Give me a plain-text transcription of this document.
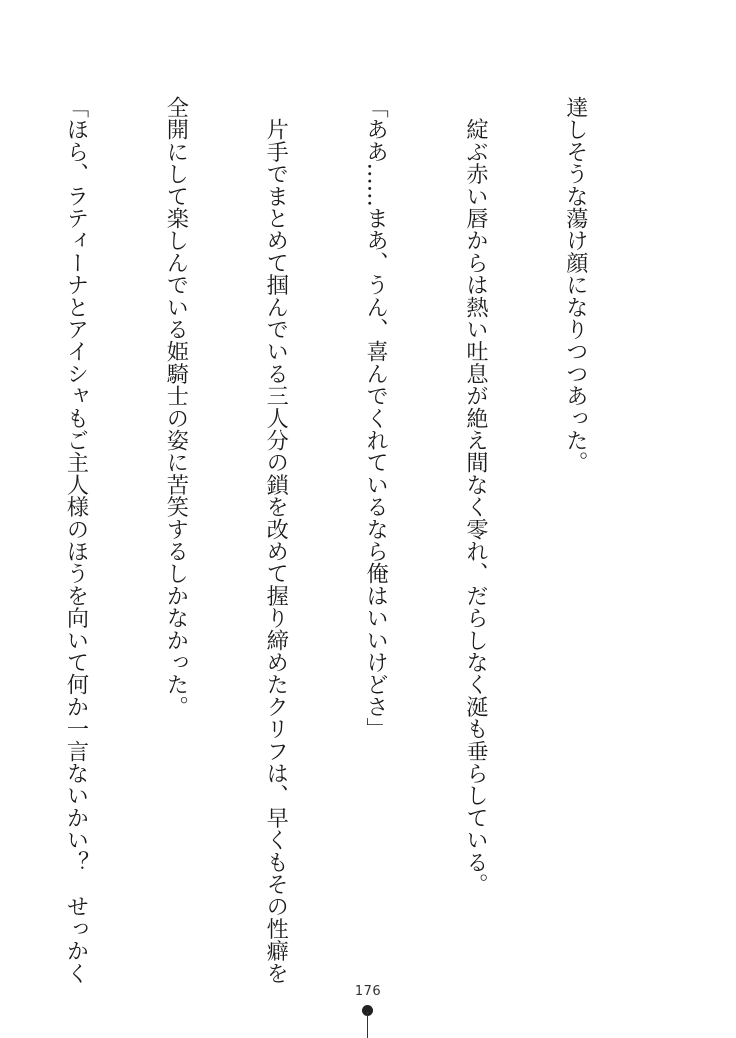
達しそうな蕩け顔になりつつあった。

　綻ぶ赤い唇からは熱い吐息が絶え間なく零れ、だらしなく涎も垂らしている。

「ああ……まあ、うん、喜んでくれているなら俺はいいけどさ」

　片手でまとめて掴んでいる三人分の鎖を改めて握り締めたクリフは、早くもその性癖を

全開にして楽しんでいる姫騎士の姿に苦笑するしかなかった。

「ほら、ラティーナとアイシャもご主人様のほうを向いて何か一言ないかい？　せっかく

176
